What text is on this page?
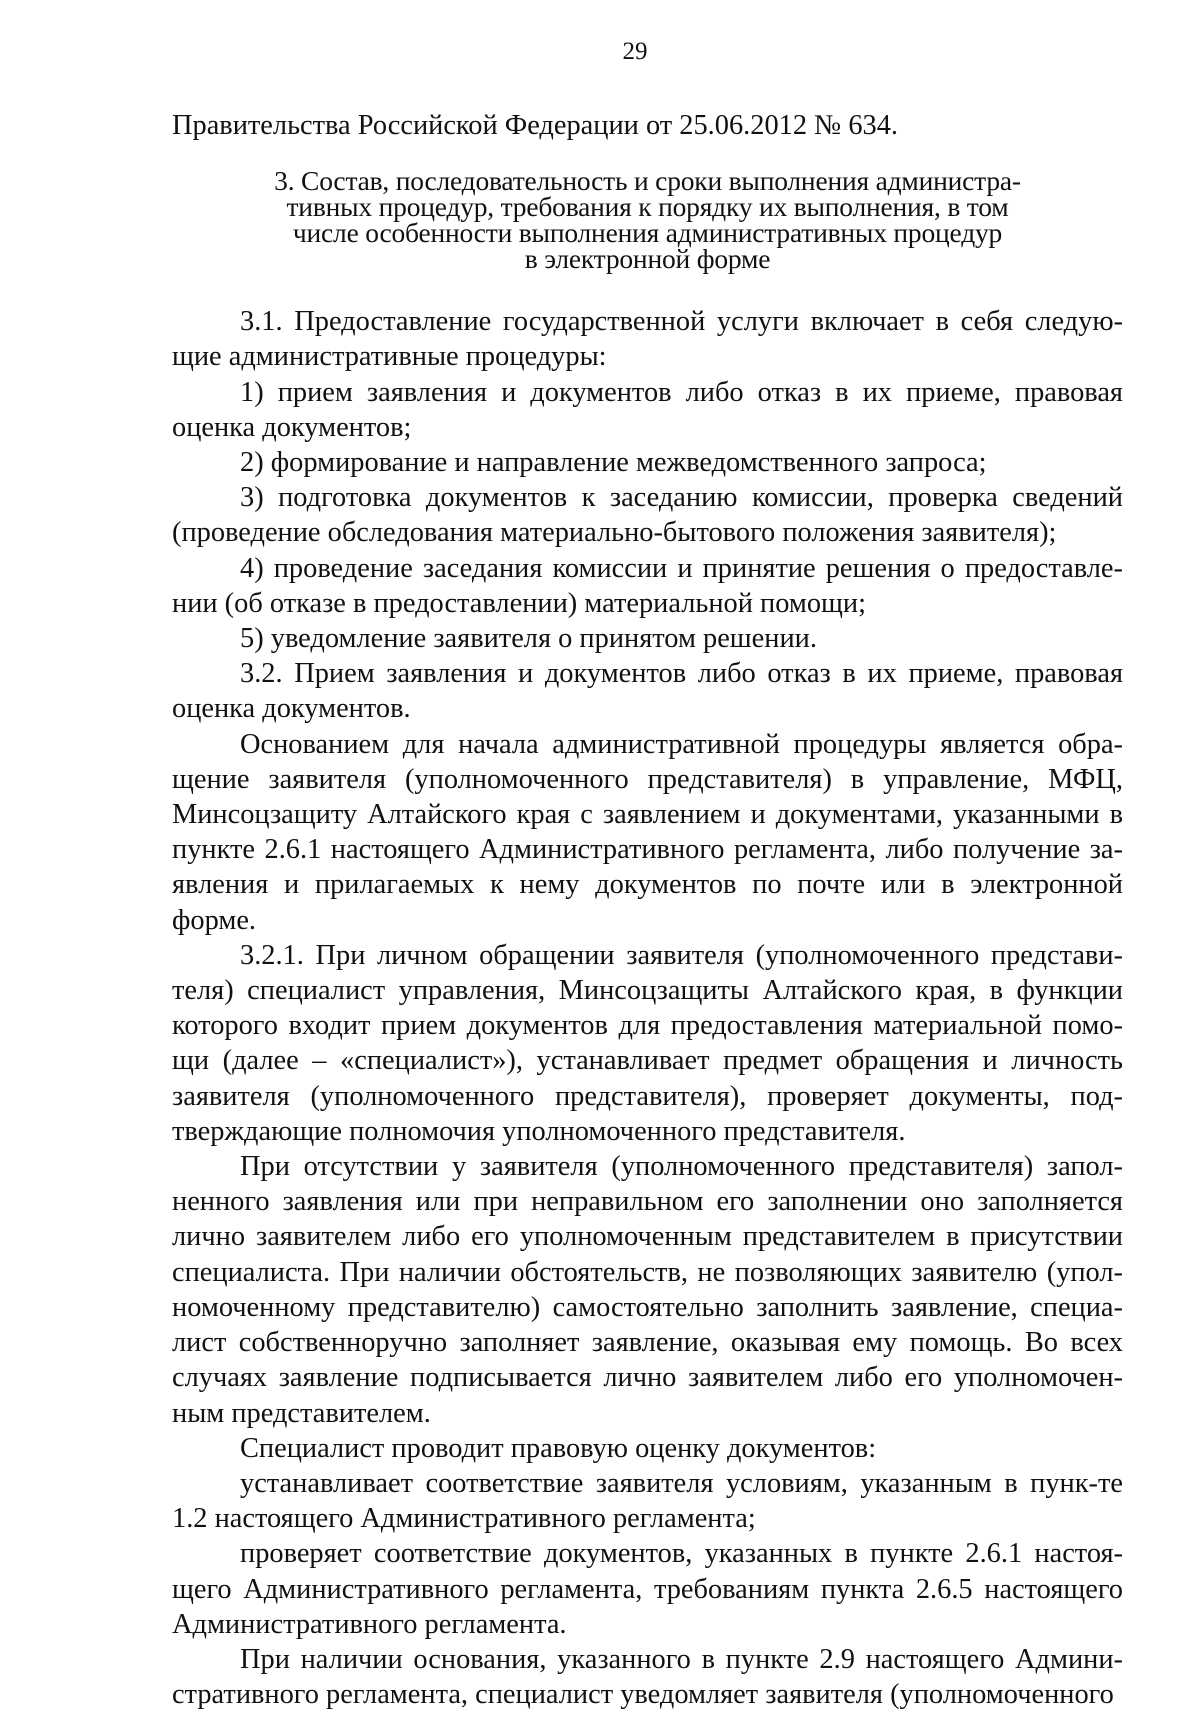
29

Правительства Российской Федерации от 25.06.2012 № 634.

3. Состав, последовательность и сроки выполнения администра-
тивных процедур, требования к порядку их выполнения, в том
числе особенности выполнения административных процедур
в электронной форме

3.1. Предоставление государственной услуги включает в себя следую-щие административные процедуры:

1) прием заявления и документов либо отказ в их приеме, правовая оценка документов;

2) формирование и направление межведомственного запроса;

3) подготовка документов к заседанию комиссии, проверка сведений (проведение обследования материально-бытового положения заявителя);

4) проведение заседания комиссии и принятие решения о предоставле-нии (об отказе в предоставлении) материальной помощи;

5) уведомление заявителя о принятом решении.

3.2. Прием заявления и документов либо отказ в их приеме, правовая оценка документов.

Основанием для начала административной процедуры является обра-щение заявителя (уполномоченного представителя) в управление, МФЦ, Минсоцзащиту Алтайского края с заявлением и документами, указанными в пункте 2.6.1 настоящего Административного регламента, либо получение за-явления и прилагаемых к нему документов по почте или в электронной форме.

3.2.1. При личном обращении заявителя (уполномоченного представи-теля) специалист управления, Минсоцзащиты Алтайского края, в функции которого входит прием документов для предоставления материальной помо-щи (далее – «специалист»), устанавливает предмет обращения и личность заявителя (уполномоченного представителя), проверяет документы, под-тверждающие полномочия уполномоченного представителя.

При отсутствии у заявителя (уполномоченного представителя) запол-ненного заявления или при неправильном его заполнении оно заполняется лично заявителем либо его уполномоченным представителем в присутствии специалиста. При наличии обстоятельств, не позволяющих заявителю (упол-номоченному представителю) самостоятельно заполнить заявление, специа-лист собственноручно заполняет заявление, оказывая ему помощь. Во всех случаях заявление подписывается лично заявителем либо его уполномочен-ным представителем.

Специалист проводит правовую оценку документов:

устанавливает соответствие заявителя условиям, указанным в пунк-те 1.2 настоящего Административного регламента;

проверяет соответствие документов, указанных в пункте 2.6.1 настоя-щего Административного регламента, требованиям пункта 2.6.5 настоящего Административного регламента.

При наличии основания, указанного в пункте 2.9 настоящего Админи-стративного регламента, специалист уведомляет заявителя (уполномоченного
